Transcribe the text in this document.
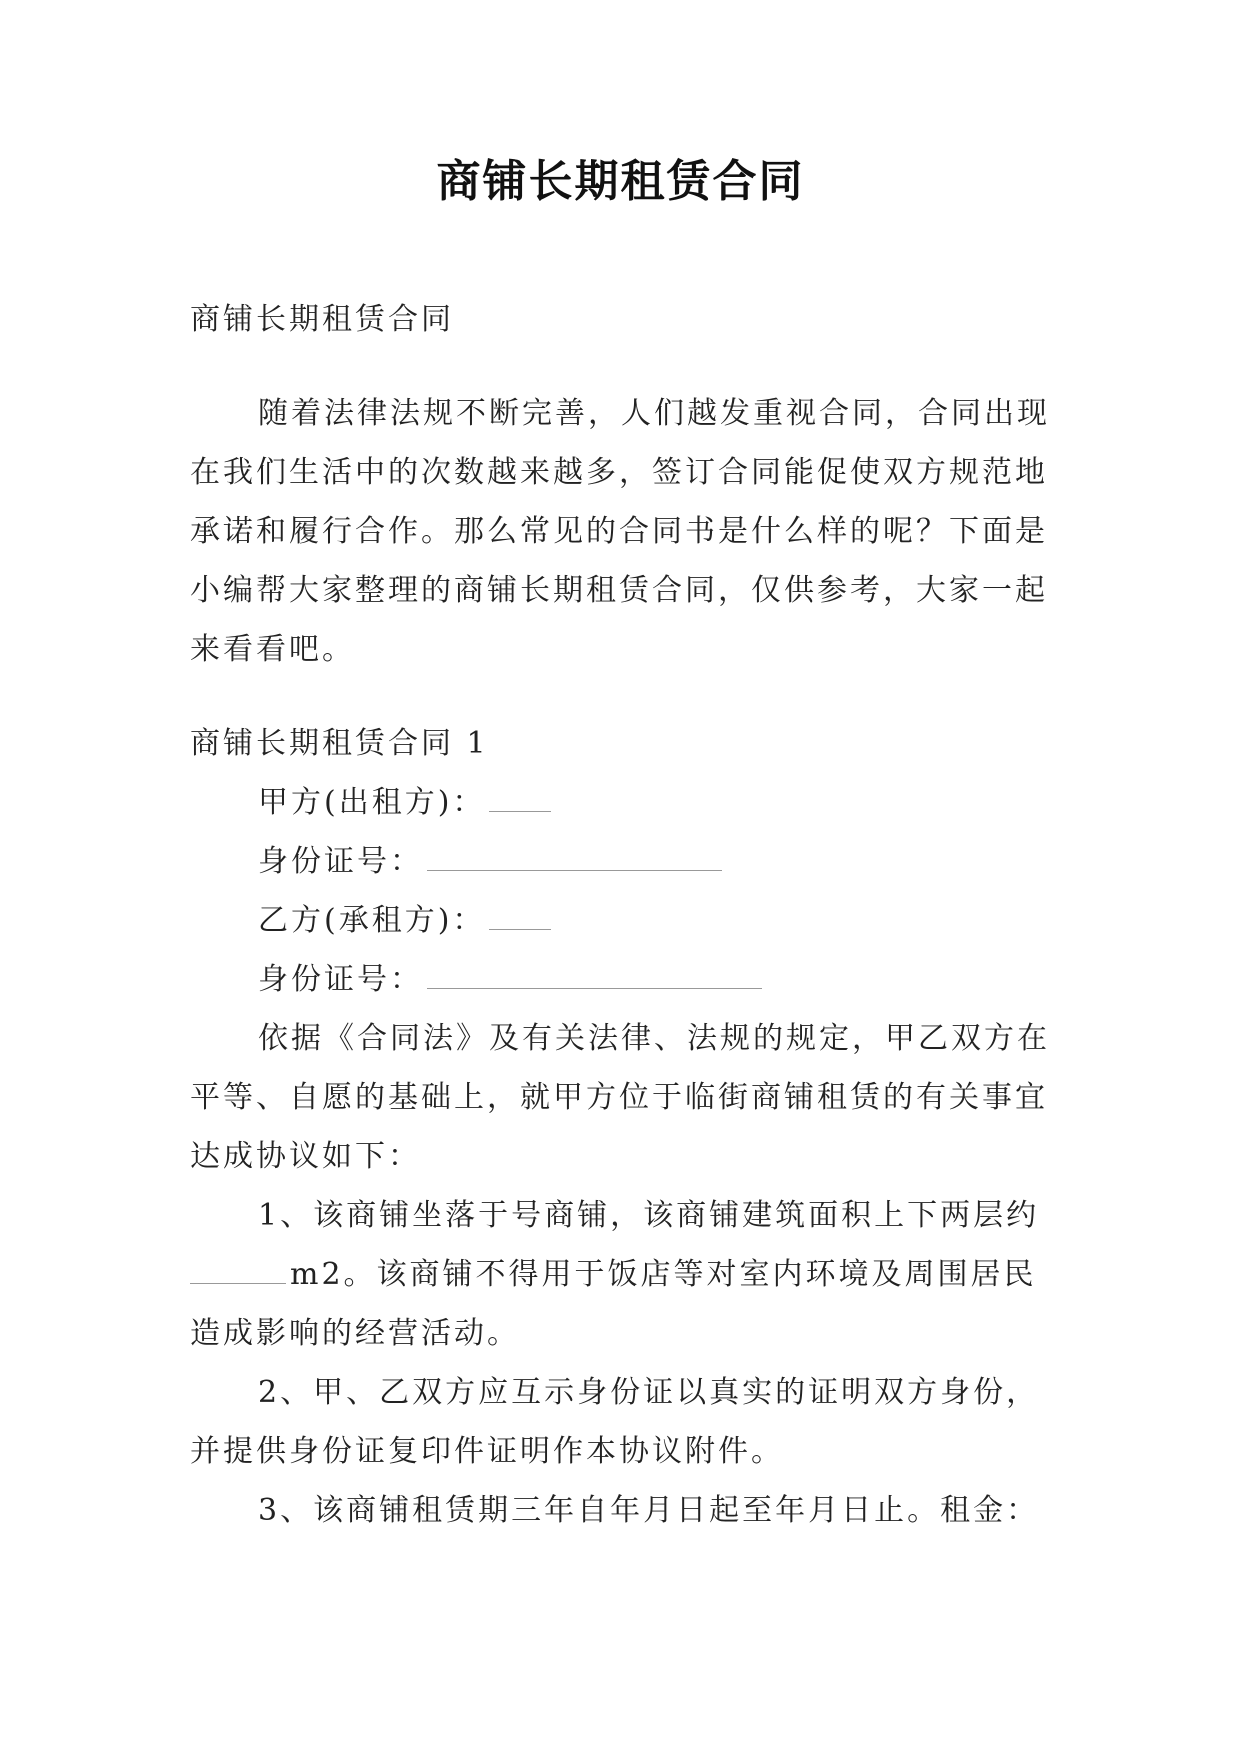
商铺长期租赁合同

商铺长期租赁合同

随着法律法规不断完善，人们越发重视合同，合同出现

在我们生活中的次数越来越多，签订合同能促使双方规范地

承诺和履行合作。那么常见的合同书是什么样的呢？下面是

小编帮大家整理的商铺长期租赁合同，仅供参考，大家一起

来看看吧。

商铺长期租赁合同 1

甲方(出租方)：

身份证号：

乙方(承租方)：

身份证号：

依据《合同法》及有关法律、法规的规定，甲乙双方在

平等、自愿的基础上，就甲方位于临街商铺租赁的有关事宜

达成协议如下：

1、该商铺坐落于号商铺，该商铺建筑面积上下两层约

m2。该商铺不得用于饭店等对室内环境及周围居民

造成影响的经营活动。

2、甲、乙双方应互示身份证以真实的证明双方身份，

并提供身份证复印件证明作本协议附件。

3、该商铺租赁期三年自年月日起至年月日止。租金：
